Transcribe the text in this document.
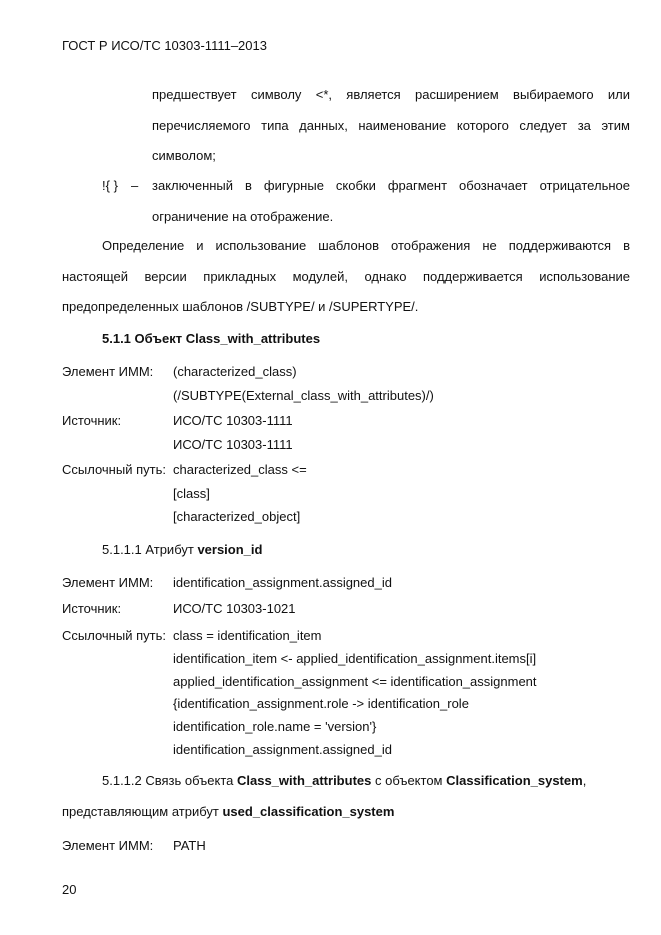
ГОСТ Р ИСО/ТС 10303-1111–2013
предшествует символу <*, является расширением выбираемого или
перечисляемого типа данных, наименование которого следует за этим
символом;
!{ } – заключенный в фигурные скобки фрагмент обозначает отрицательное
ограничение на отображение.
Определение и использование шаблонов отображения не поддерживаются в
настоящей версии прикладных модулей, однако поддерживается использование
предопределенных шаблонов /SUBTYPE/ и /SUPERTYPE/.
5.1.1 Объект Class_with_attributes
Элемент ИММ: (characterized_class)
(/SUBTYPE(External_class_with_attributes)/)
Источник:	ИСО/ТС 10303-1111
ИСО/ТС 10303-1111
Ссылочный путь: characterized_class <=
[class]
[characterized_object]
5.1.1.1 Атрибут version_id
Элемент ИММ: identification_assignment.assigned_id
Источник:	ИСО/ТС 10303-1021
Ссылочный путь: class = identification_item
identification_item <- applied_identification_assignment.items[i]
applied_identification_assignment <= identification_assignment
{identification_assignment.role -> identification_role
identification_role.name = 'version'}
identification_assignment.assigned_id
5.1.1.2 Связь объекта Class_with_attributes с объектом Classification_system,
представляющим атрибут used_classification_system
Элемент ИММ: PATH
20
